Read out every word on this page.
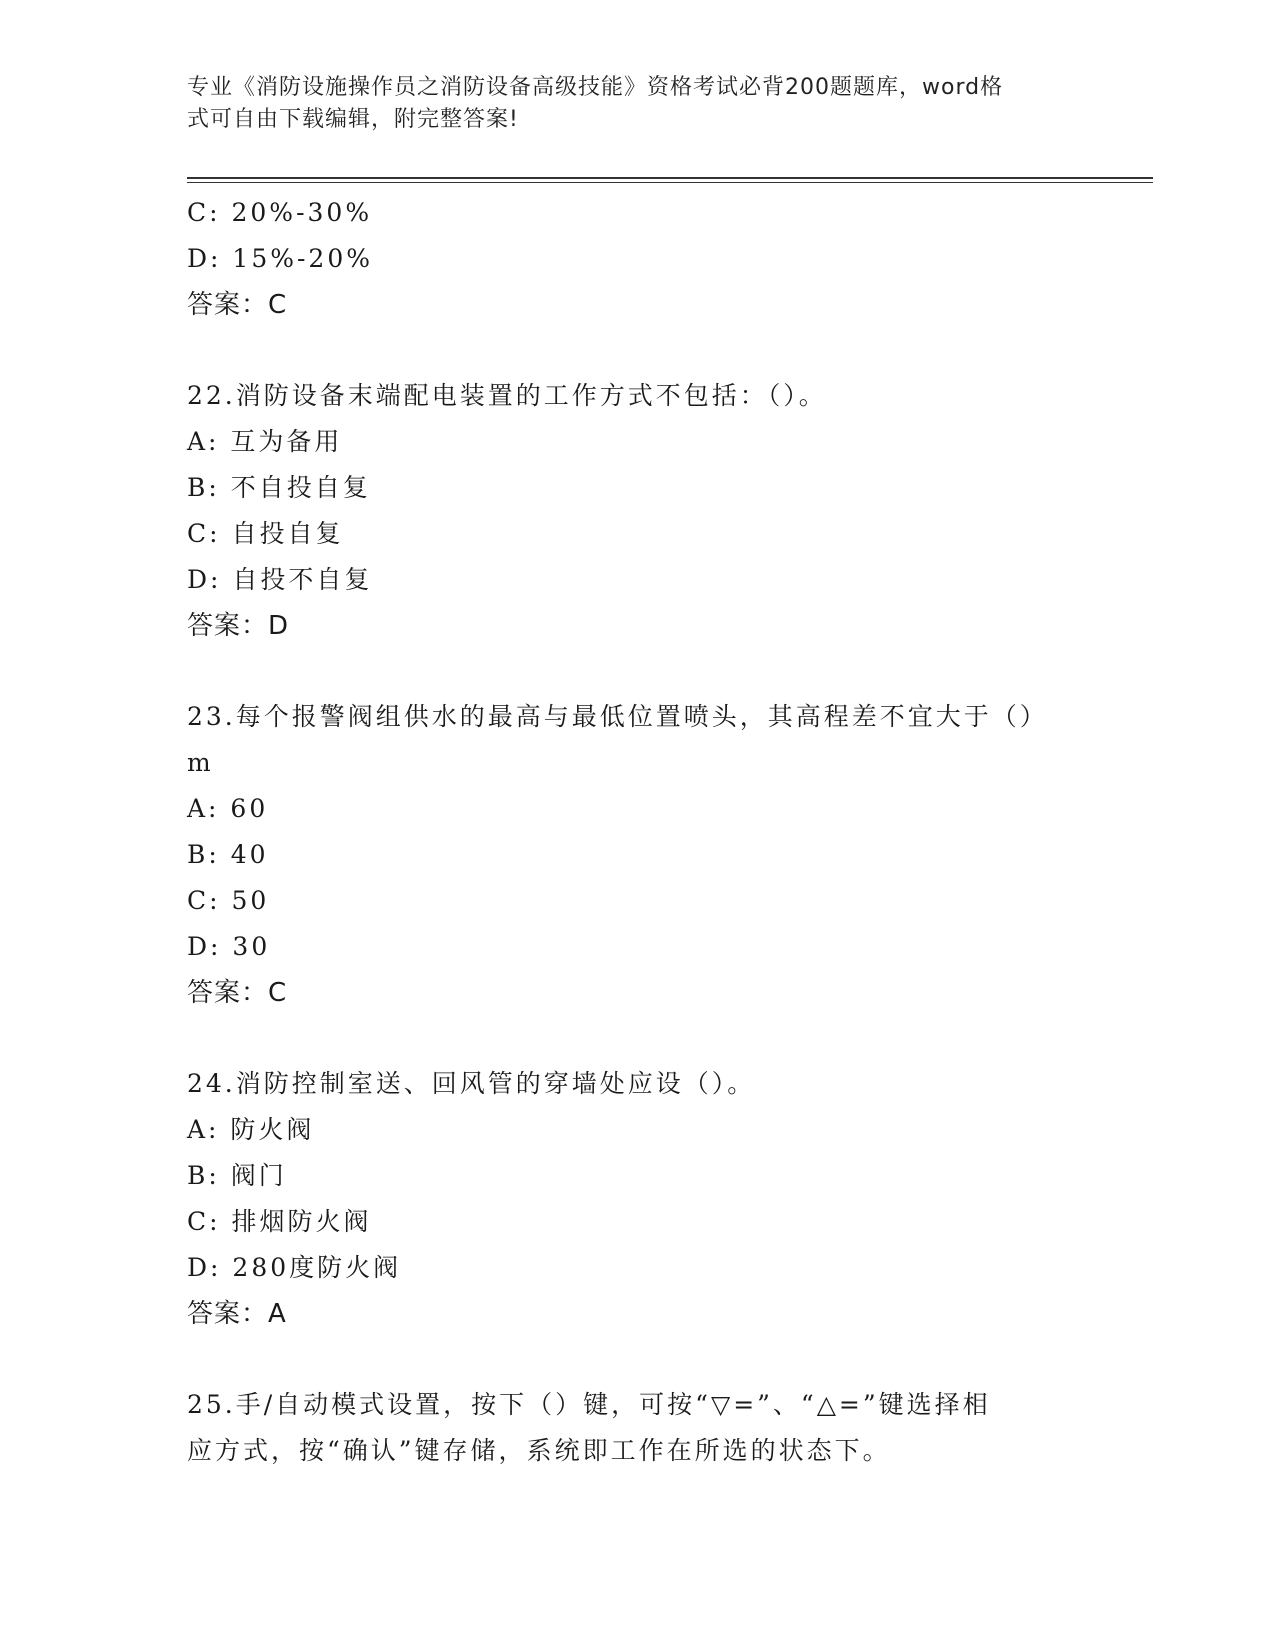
专业《消防设施操作员之消防设备高级技能》资格考试必背200题题库，word格
式可自由下载编辑，附完整答案!
C: 20%-30%
D: 15%-20%
答案：C
22.消防设备末端配电装置的工作方式不包括：（）。
A: 互为备用
B: 不自投自复
C: 自投自复
D: 自投不自复
答案：D
23.每个报警阀组供水的最高与最低位置喷头，其高程差不宜大于（）
m
A: 60
B: 40
C: 50
D: 30
答案：C
24.消防控制室送、回风管的穿墙处应设（）。
A: 防火阀
B: 阀门
C: 排烟防火阀
D: 280度防火阀
答案：A
25.手/自动模式设置，按下（）键，可按“▽=”、“△=”键选择相
应方式，按“确认”键存储，系统即工作在所选的状态下。
